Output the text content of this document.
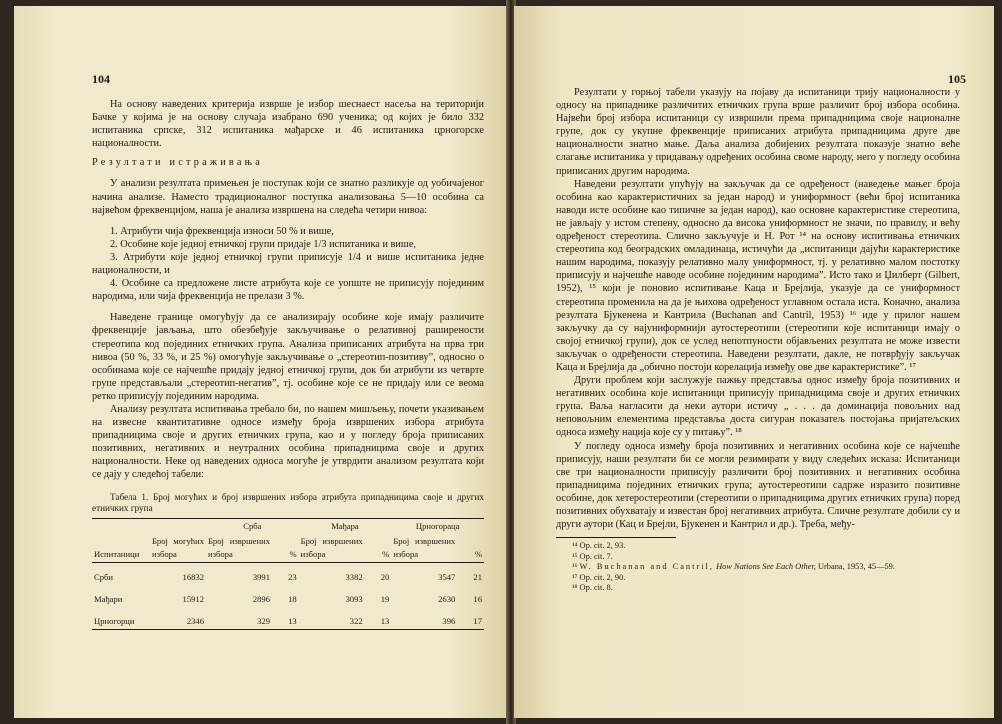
104

На основу наведених критерија изврше је избор шеснаест насеља на територији Бачке у којима је на основу случаја изабрано 690 ученика; од којих је било 332 испитаника српске, 312 испитаника мађарске и 46 испитаника црногорске националности.

Резултати истраживања

У анализи резултата примењен је поступак који се знатно разликује од уобичајеног начина анализе. Наместо традиционалног поступка анализовања 5—10 особина са највећом фреквенцијом, наша је анализа извршена на следећа четири нивоа:

1. Атрибути чија фреквенција износи 50 % и више,

2. Особине које једној етничкој групи придаје 1/3 испитаника и више,

3. Атрибути које једној етничкој групи приписује 1/4 и више испитаника једне националности, и

4. Особине са предложене листе атрибута које се уопште не приписују појединим народима, или чија фреквенција не прелази 3 %.

Наведене границе омогућују да се анализирају особине које имају различите фреквенције јављања, што обезбеђује закључивање о релативној раширености стереотипа код појединих етничких група. Анализа приписаних атрибута на прва три нивоа (50 %, 33 %, и 25 %) омогућује закључивање о „стереотип-позитиву”, односно о особинама које се најчешће придају једној етничкој групи, док би атрибути из четврте групе представљали „стереотип-негатив”, тј. особине које се не придају или се веома ретко приписују појединим народима.

Анализу резултата испитивања требало би, по нашем мишљењу, почети указивањем на извесне квантитативне односе између броја извршених избора атрибута припадницима своје и других етничких група, као и у погледу броја приписаних позитивних, негативних и неутралних особина припадницима своје и других националности. Неке од наведених односа могуће је утврдити анализом резултата који се дају у следећој табели:

Табела 1. Број могућих и број извршених избора атрибута припадницима своје и других етничких група

		Срба		Мађара		Црногораца	
Испитаници	Број могућих избора	Број извршених избора	%	Број извршених избора	%	Број извршених избора	%
Срби	16832	3991	23	3382	20	3547	21
Мађари	15912	2896	18	3093	19	2630	16
Црногорци	2346	329	13	322	13	396	17
105

Резултати у горњој табели указују на појаву да испитаници трију националности у односу на припаднике различитих етничких група врше различит број избора особина. Највећи број избора испитаници су извршили према припадницима своје националне групе, док су укупне фреквенције приписаних атрибута припадницима друге две националности знатно мање. Даља анализа добијених резултата показује знатно веће слагање испитаника у придавању одређених особина своме народу, него у погледу особина приписаних другим народима.

Наведени резултати упућују на закључак да се одређеност (наведење мањег броја особина као карактеристичних за један народ) и униформност (већи број испитаника наводи исте особине као типичне за један народ), као основне карактеристике стереотипа, не јављају у истом степену, односно да висока униформност не значи, по правилу, и већу одређеност стереотипа. Слично закључује и Н. Рот ¹⁴ на основу испитивања етничких стереотипа код београдских омладинаца, истичући да „испитаници дајући карактеристике нашим народима, показују релативно малу униформност, тј. у релативно малом постотку приписују и најчешће наводе особине појединим народима”. Исто тако и Џилберт (Gilbert, 1952), ¹⁵ који је поновио испитивање Каца и Брејлија, указује да се униформност стереотипа променила на да је њихова одређеност углавном остала иста. Коначно, анализа резултата Бјукенена и Кантрила (Buchanan and Cantril, 1953) ¹⁶ иде у прилог нашем закључку да су најуниформнији аутостереотипи (стереотипи које испитаници имају о својој етничкој групи), док се услед непотпуности објављених резултата не може извести закључак о одређености стереотипа. Наведени резултати, дакле, не потврђују закључак Каца и Брејлија да „обично постоји корелација између ове две карактеристике”. ¹⁷

Други проблем који заслужује пажњу представља однос између броја позитивних и негативних особина које испитаници приписују припадницима своје и других етничких група. Ваља нагласити да неки аутори истичу „ . . . да доминација повољних над неповољним елементима представља доста сигуран показатељ постојања пријатељских односа између нација које су у питању”. ¹⁸

У погледу односа између броја позитивних и негативних особина које се најчешће приписују, наши резултати би се могли резимирати у виду следећих исказа: Испитаници све три националности приписују различити број позитивних и негативних особина припадницима појединих етничких група; аутостереотипи садрже изразито позитивне особине, док хетеростереотипи (стереотипи о припадницима других етничких група) поред позитивних обухватају и известан број негативних атрибута. Сличне резултате добили су и други аутори (Кац и Брејли, Бјукенен и Кантрил и др.). Треба, међу-

¹⁴ Op. cit. 2, 93.

¹⁵ Op. cit. 7.

¹⁶ W. Buchanan and Cantril, How Nations See Each Other, Urbana, 1953, 45—59.

¹⁷ Op. cit. 2, 90.

¹⁸ Op. cit. 8.
